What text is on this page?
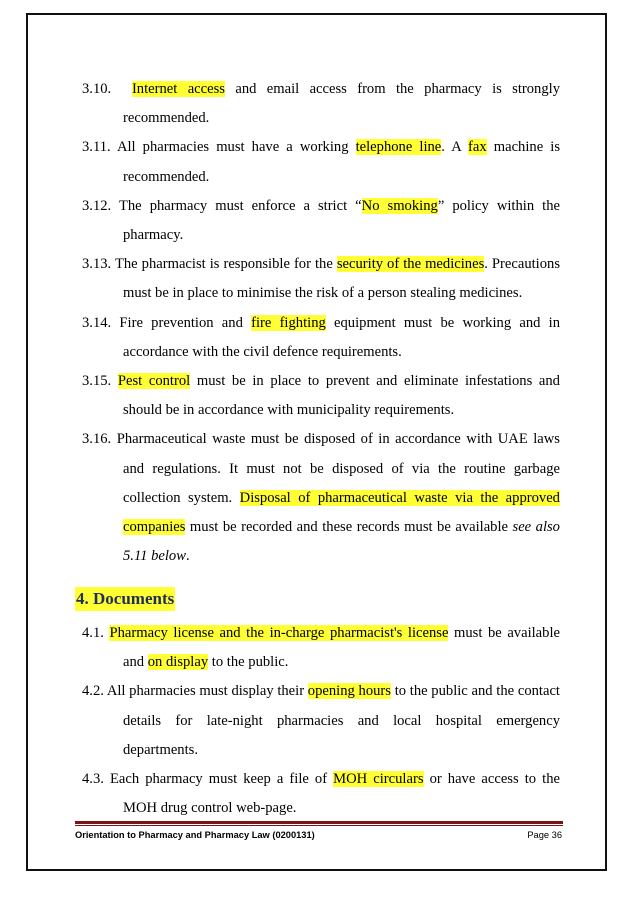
3.10. Internet access and email access from the pharmacy is strongly recommended.
3.11. All pharmacies must have a working telephone line. A fax machine is recommended.
3.12. The pharmacy must enforce a strict “No smoking” policy within the pharmacy.
3.13. The pharmacist is responsible for the security of the medicines. Precautions must be in place to minimise the risk of a person stealing medicines.
3.14. Fire prevention and fire fighting equipment must be working and in accordance with the civil defence requirements.
3.15. Pest control must be in place to prevent and eliminate infestations and should be in accordance with municipality requirements.
3.16. Pharmaceutical waste must be disposed of in accordance with UAE laws and regulations. It must not be disposed of via the routine garbage collection system. Disposal of pharmaceutical waste via the approved companies must be recorded and these records must be available see also 5.11 below.
4. Documents
4.1. Pharmacy license and the in-charge pharmacist's license must be available and on display to the public.
4.2. All pharmacies must display their opening hours to the public and the contact details for late-night pharmacies and local hospital emergency departments.
4.3. Each pharmacy must keep a file of MOH circulars or have access to the MOH drug control web-page.
Orientation to Pharmacy and Pharmacy Law (0200131)	Page 36
